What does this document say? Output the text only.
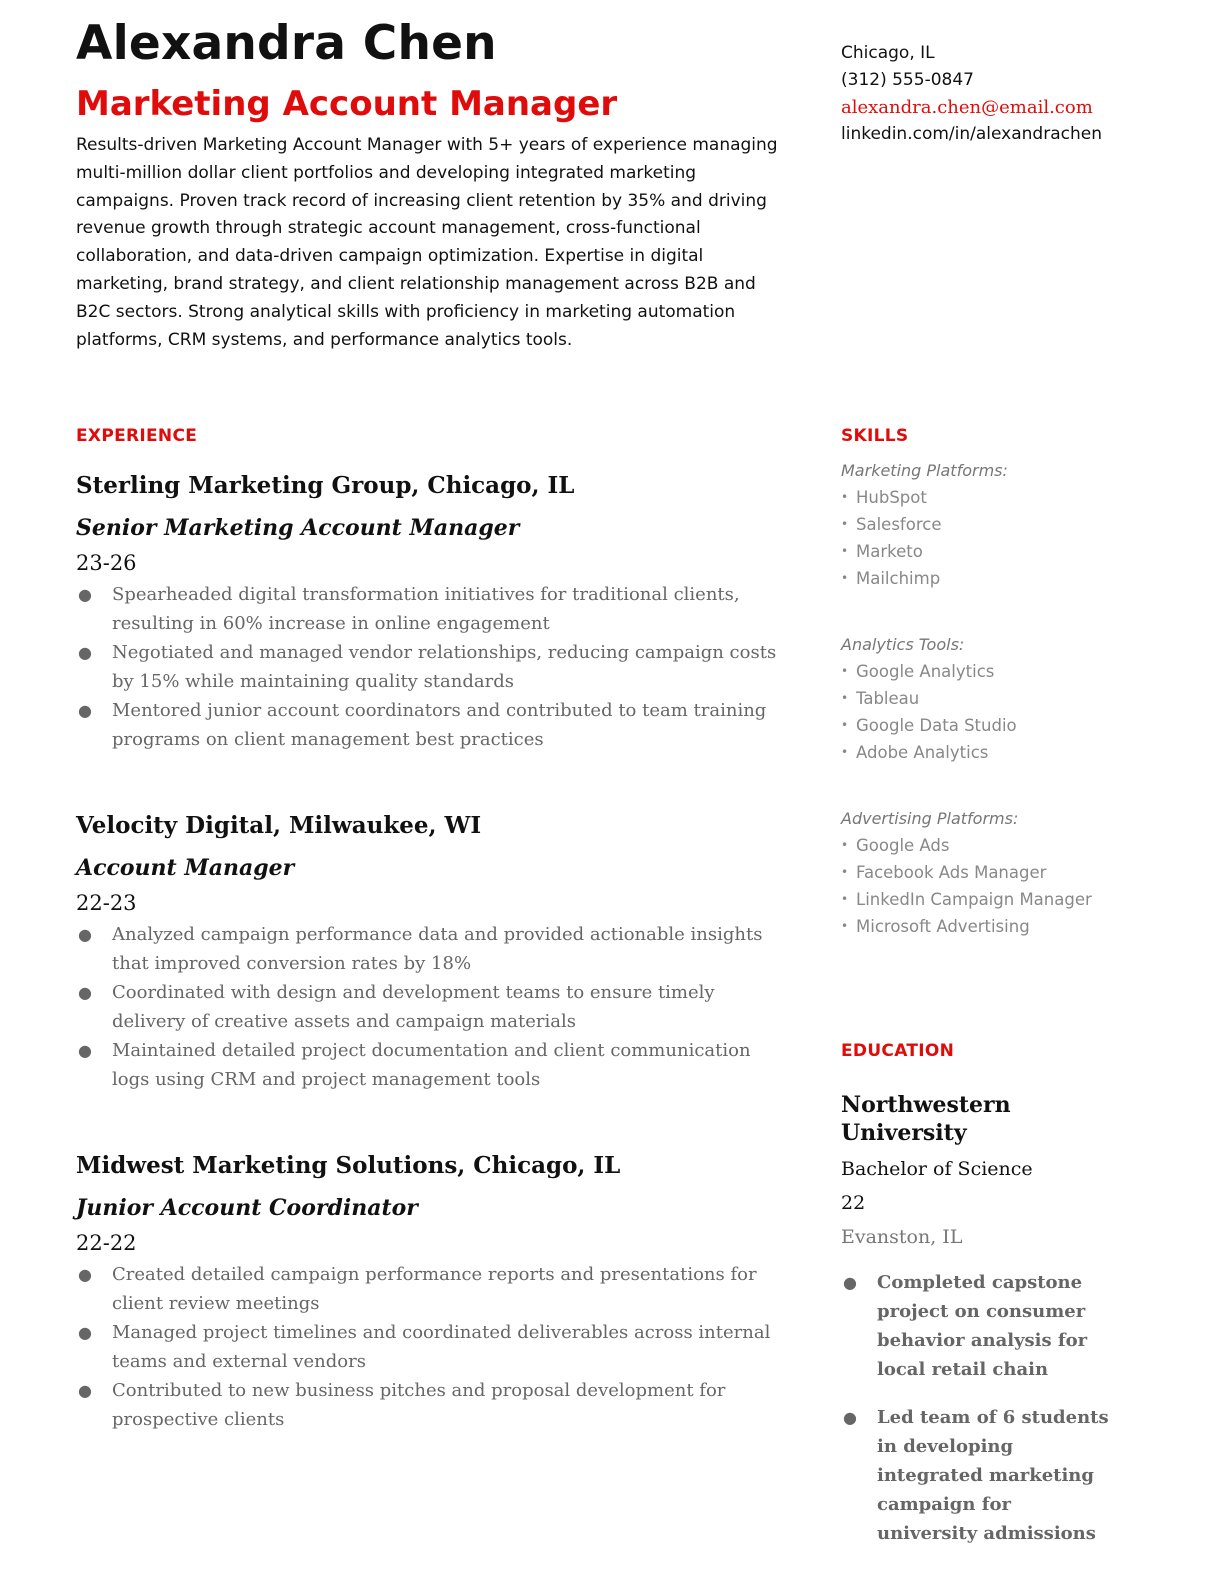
Alexandra Chen
Marketing Account Manager

Results-driven Marketing Account Manager with 5+ years of experience managing multi-million dollar client portfolios and developing integrated marketing campaigns. Proven track record of increasing client retention by 35% and driving revenue growth through strategic account management, cross-functional collaboration, and data-driven campaign optimization. Expertise in digital marketing, brand strategy, and client relationship management across B2B and B2C sectors. Strong analytical skills with proficiency in marketing automation platforms, CRM systems, and performance analytics tools.

Chicago, IL
(312) 555-0847
alexandra.chen@email.com
linkedin.com/in/alexandrachen
EXPERIENCE
Sterling Marketing Group, Chicago, IL
Senior Marketing Account Manager
23-26
● Spearheaded digital transformation initiatives for traditional clients, resulting in 60% increase in online engagement
● Negotiated and managed vendor relationships, reducing campaign costs by 15% while maintaining quality standards
● Mentored junior account coordinators and contributed to team training programs on client management best practices
Velocity Digital, Milwaukee, WI
Account Manager
22-23
● Analyzed campaign performance data and provided actionable insights that improved conversion rates by 18%
● Coordinated with design and development teams to ensure timely delivery of creative assets and campaign materials
● Maintained detailed project documentation and client communication logs using CRM and project management tools
Midwest Marketing Solutions, Chicago, IL
Junior Account Coordinator
22-22
● Created detailed campaign performance reports and presentations for client review meetings
● Managed project timelines and coordinated deliverables across internal teams and external vendors
● Contributed to new business pitches and proposal development for prospective clients
SKILLS
Marketing Platforms:
• HubSpot
• Salesforce
• Marketo
• Mailchimp
Analytics Tools:
• Google Analytics
• Tableau
• Google Data Studio
• Adobe Analytics
Advertising Platforms:
• Google Ads
• Facebook Ads Manager
• LinkedIn Campaign Manager
• Microsoft Advertising
EDUCATION
Northwestern University
Bachelor of Science
22
Evanston, IL
● Completed capstone project on consumer behavior analysis for local retail chain
● Led team of 6 students in developing integrated marketing campaign for university admissions
